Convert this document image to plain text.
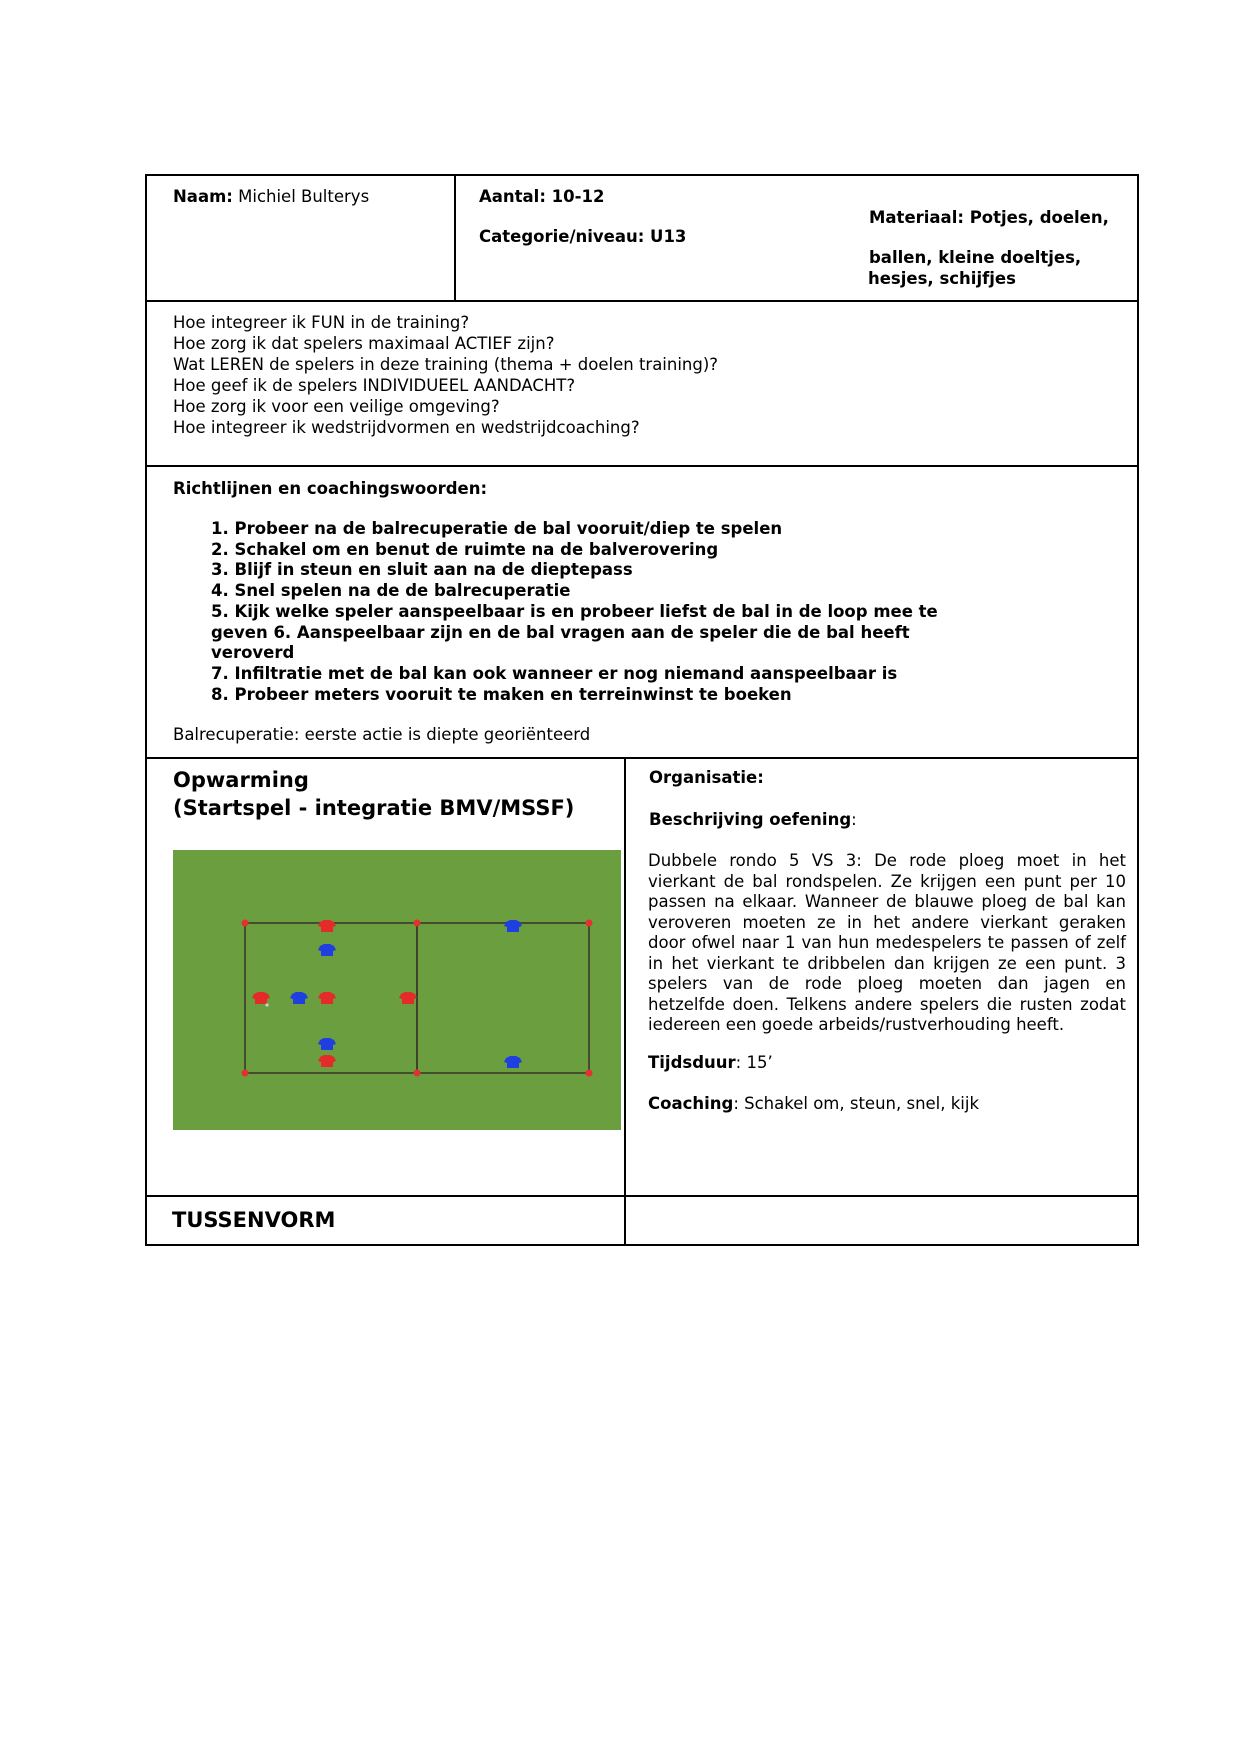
Naam: Michiel Bulterys	Aantal: 10-12
Categorie/niveau: U13
Materiaal: Potjes, doelen,
ballen, kleine doeltjes,
hesjes, schijfjes
Hoe integreer ik FUN in de training?
Hoe zorg ik dat spelers maximaal ACTIEF zijn?
Wat LEREN de spelers in deze training (thema + doelen training)?
Hoe geef ik de spelers INDIVIDUEEL AANDACHT?
Hoe zorg ik voor een veilige omgeving?
Hoe integreer ik wedstrijdvormen en wedstrijdcoaching?
Richtlijnen en coachingswoorden:
1. Probeer na de balrecuperatie de bal vooruit/diep te spelen
2. Schakel om en benut de ruimte na de balverovering
3. Blijf in steun en sluit aan na de dieptepass
4. Snel spelen na de de balrecuperatie
5. Kijk welke speler aanspeelbaar is en probeer liefst de bal in de loop mee te
geven 6. Aanspeelbaar zijn en de bal vragen aan de speler die de bal heeft
veroverd
7. Infiltratie met de bal kan ook wanneer er nog niemand aanspeelbaar is
8. Probeer meters vooruit te maken en terreinwinst te boeken
Balrecuperatie: eerste actie is diepte georiënteerd
Opwarming
(Startspel - integratie BMV/MSSF)
Organisatie:
Beschrijving oefening:
Dubbele rondo 5 VS 3: De rode ploeg moet in het vierkant de bal rondspelen. Ze krijgen een punt per 10 passen na elkaar. Wanneer de blauwe ploeg de bal kan veroveren moeten ze in het andere vierkant geraken door ofwel naar 1 van hun medespelers te passen of zelf in het vierkant te dribbelen dan krijgen ze een punt. 3 spelers van de rode ploeg moeten dan jagen en hetzelfde doen. Telkens andere spelers die rusten zodat iedereen een goede arbeids/rustverhouding heeft.
Tijdsduur: 15’
Coaching: Schakel om, steun, snel, kijk
TUSSENVORM
